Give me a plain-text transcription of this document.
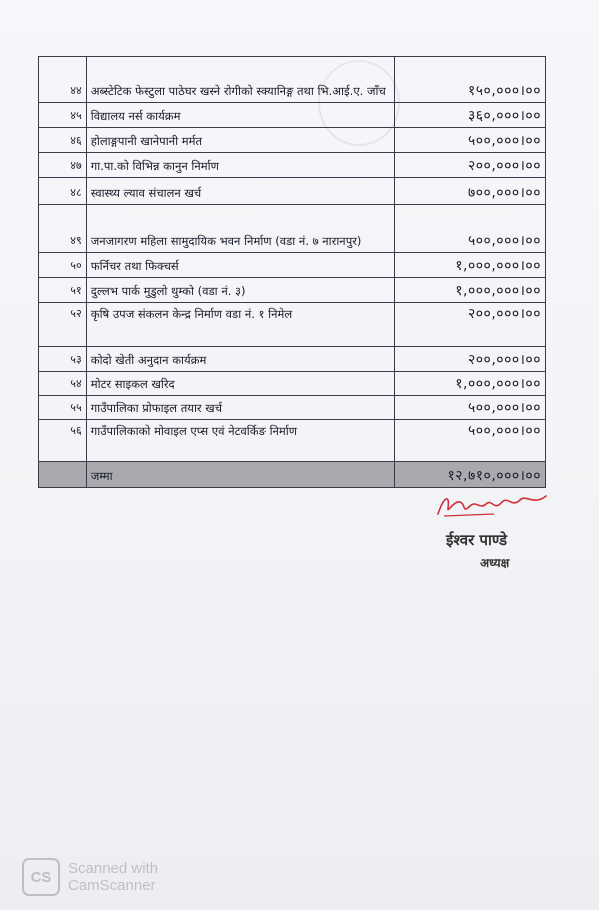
४४	अब्स्टेटिक फेस्टुला पाठेघर खस्ने रोगीको स्क्यानिङ्ग तथा भि.आई.ए. जाँच	१५०,०००।००
४५	विद्यालय नर्स कार्यक्रम	३६०,०००।००
४६	होलाङ्गपानी खानेपानी मर्मत	५००,०००।००
४७	गा.पा.को विभिन्न कानुन निर्माण	२००,०००।००
४८	स्वास्थ्य ल्याव संचालन खर्च	७००,०००।००
४९	जनजागरण महिला सामुदायिक भवन निर्माण (वडा नं. ७ नारानपुर)	५००,०००।००
५०	फर्निचर तथा फिक्चर्स	१,०००,०००।००
५१	दुल्लभ पार्क मुडुलो थुम्को (वडा नं. ३)	१,०००,०००।००
५२	कृषि उपज संकलन केन्द्र निर्माण वडा नं. १ निमेल	२००,०००।००
५३	कोदो खेती अनुदान कार्यक्रम	२००,०००।००
५४	मोटर साइकल खरिद	१,०००,०००।००
५५	गाउँपालिका प्रोफाइल तयार खर्च	५००,०००।००
५६	गाउँपालिकाको मोवाइल एप्स एवं नेटवर्किङ निर्माण	५००,०००।००
	जम्मा	१२,७१०,०००।००
ईश्वर पाण्डे
अध्यक्ष
CS	Scanned with
CamScanner
